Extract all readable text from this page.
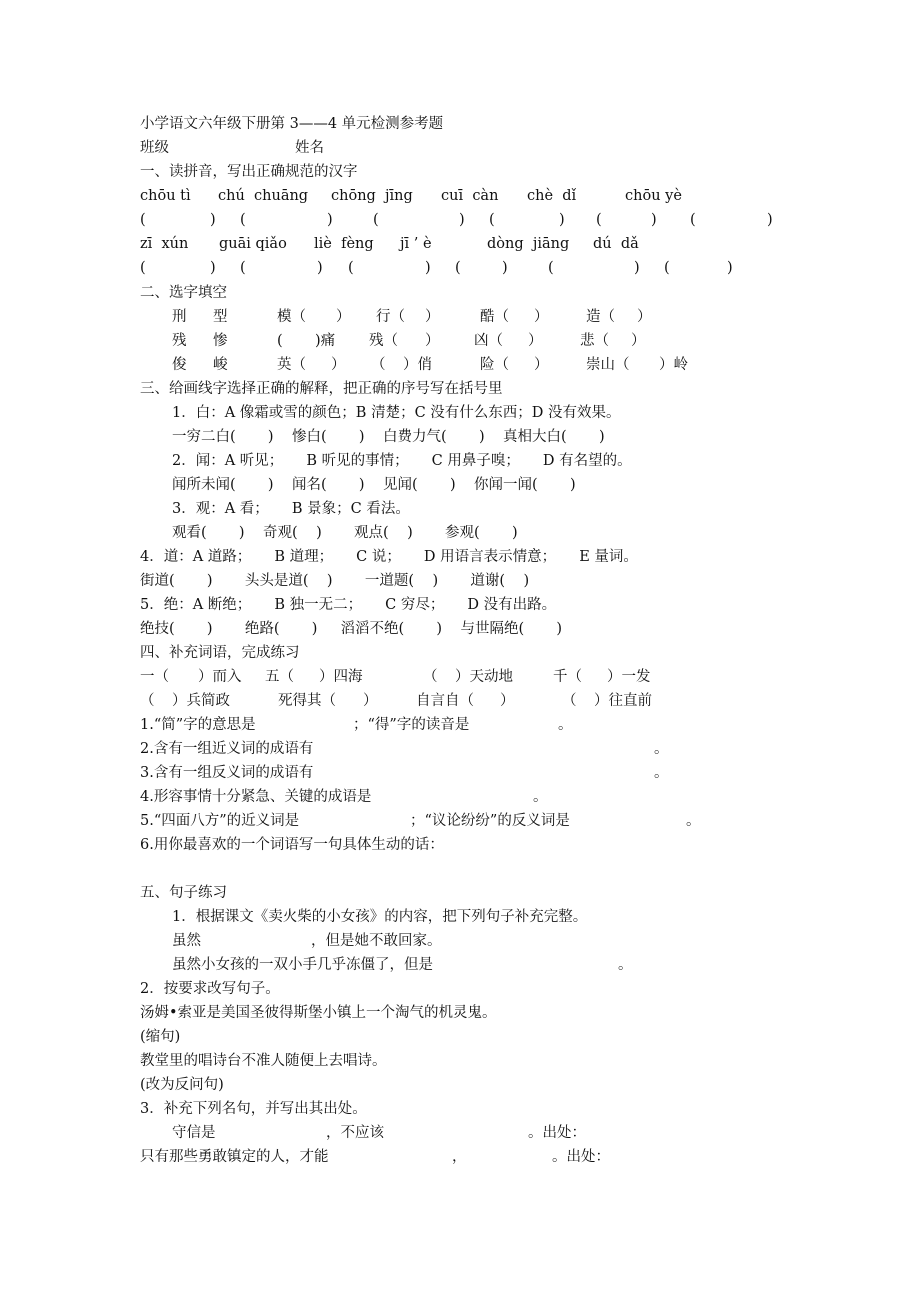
小学语文六年级下册第 3——4 单元检测参考题
班级	姓名
一、读拼音，写出正确规范的汉字
chōu tì chú  chuāng chōng  jīng cuī  càn chè  dǐ	chōu yè
(	) (	)	(	) (	) (	) (	)
zī  xún guāi qiǎo liè  fèng jī ’ è	dòng  jiāng dú  dǎ
(	) (	) (	) (	)	(	) (	)
二、选字填空
刑 型	模（ ） 行（ ）	酷（ ）	造（ ）
残 惨	( )痛 残（ ） 凶（ ）	悲（ ）
俊 峻	英（ ） （ ）俏	险（ ）	崇山（ ）岭
三、给画线字选择正确的解释，把正确的序号写在括号里
1．白：A 像霜或雪的颜色；B 清楚；C 没有什么东西；D 没有效果。
一穷二白(       )    惨白(       )    白费力气(       )    真相大白(       )
2．闻：A 听见；     B 听见的事情；     C 用鼻子嗅；     D 有名望的。
闻所未闻(       )    闻名(       )    见闻(       )    你闻一闻(       )
3．观：A 看；     B 景象；C 看法。
观看(       )    奇观(    )       观点(    )       参观(       )
4．道：A 道路；     B 道理；     C 说；     D 用语言表示情意；     E 量词。
街道(       )       头头是道(    )       一道题(    )       道谢(    )
5．绝：A 断绝；     B 独一无二；     C 穷尽；     D 没有出路。
绝技(       )       绝路(       )     滔滔不绝(       )    与世隔绝(       )
四、补充词语，完成练习
一（ ）而入 五（ ）四海	（ ）天动地	千（ ）一发
（ ）兵简政	死得其（ ）	自言自（ ）	（ ）往直前
1.“简”字的意思是	；“得”字的读音是	。
2.含有一组近义词的成语有	。
3.含有一组反义词的成语有	。
4.形容事情十分紧急、关键的成语是	。
5.“四面八方”的近义词是	；“议论纷纷”的反义词是	。
6.用你最喜欢的一个词语写一句具体生动的话：
五、句子练习
1．根据课文《卖火柴的小女孩》的内容，把下列句子补充完整。
虽然	，但是她不敢回家。
虽然小女孩的一双小手几乎冻僵了，但是	。
2．按要求改写句子。
汤姆•索亚是美国圣彼得斯堡小镇上一个淘气的机灵鬼。
(缩句)
教堂里的唱诗台不准人随便上去唱诗。
(改为反问句)
3．补充下列名句，并写出其出处。
守信是	，不应该	。出处：
只有那些勇敢镇定的人，才能	，	。出处：
